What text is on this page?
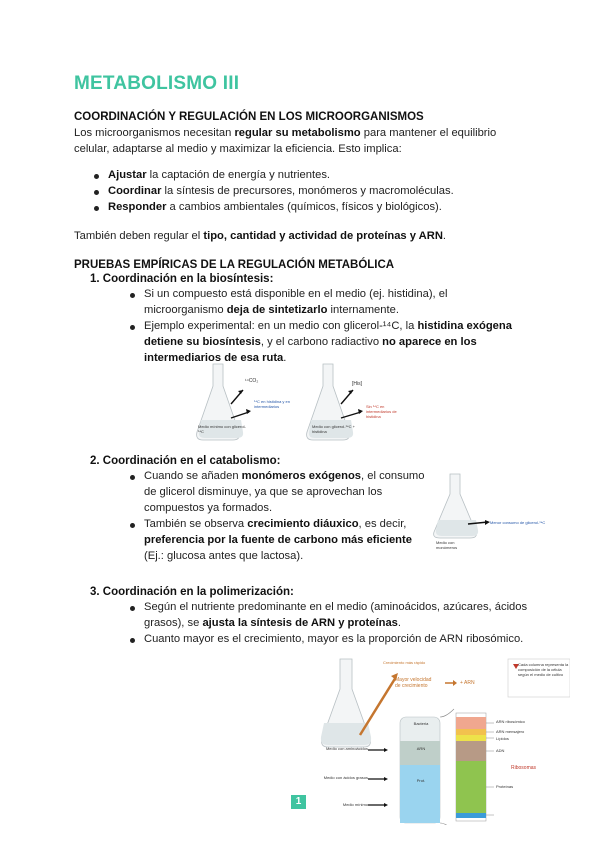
METABOLISMO III
COORDINACIÓN Y REGULACIÓN EN LOS MICROORGANISMOS
Los microorganismos necesitan regular su metabolismo para mantener el equilibrio
celular, adaptarse al medio y maximizar la eficiencia. Esto implica:
Ajustar la captación de energía y nutrientes.
Coordinar la síntesis de precursores, monómeros y macromoléculas.
Responder a cambios ambientales (químicos, físicos y biológicos).
También deben regular el tipo, cantidad y actividad de proteínas y ARN.
PRUEBAS EMPÍRICAS DE LA REGULACIÓN METABÓLICA
1. Coordinación en la biosíntesis:
Si un compuesto está disponible en el medio (ej. histidina), el
microorganismo deja de sintetizarlo internamente.
Ejemplo experimental: en un medio con glicerol-¹⁴C, la histidina exógena
detiene su biosíntesis, y el carbono radiactivo no aparece en los
intermediarios de esa ruta.
¹⁴CO₂
¹⁴C en histidina y en intermediarios
Medio mínimo con glicerol-¹⁴C
[His]
Sin ¹⁴C en intermediarios de histidina
Medio con glicerol-¹⁴C + histidina
2. Coordinación en el catabolismo:
Cuando se añaden monómeros exógenos, el consumo
de glicerol disminuye, ya que se aprovechan los
compuestos ya formados.
También se observa crecimiento diáuxico, es decir,
preferencia por la fuente de carbono más eficiente
(Ej.: glucosa antes que lactosa).
Menor consumo de glicerol-¹⁴C
Medio con monómeros
3. Coordinación en la polimerización:
Según el nutriente predominante en el medio (aminoácidos, azúcares, ácidos
grasos), se ajusta la síntesis de ARN y proteínas.
Cuanto mayor es el crecimiento, mayor es la proporción de ARN ribosómico.
Crecimiento más rápido
Mayor velocidad de crecimiento	+ ARN
Cada columna representa la composición de la célula según el medio de cultivo
Bacteria
ARN
Prot.
Medio con aminoácidos
Medio con ácidos grasos
Medio mínimo
ARN ribosómico
ARN mensajero
Lípidos
ADN
Proteínas
Ribosomas
1
